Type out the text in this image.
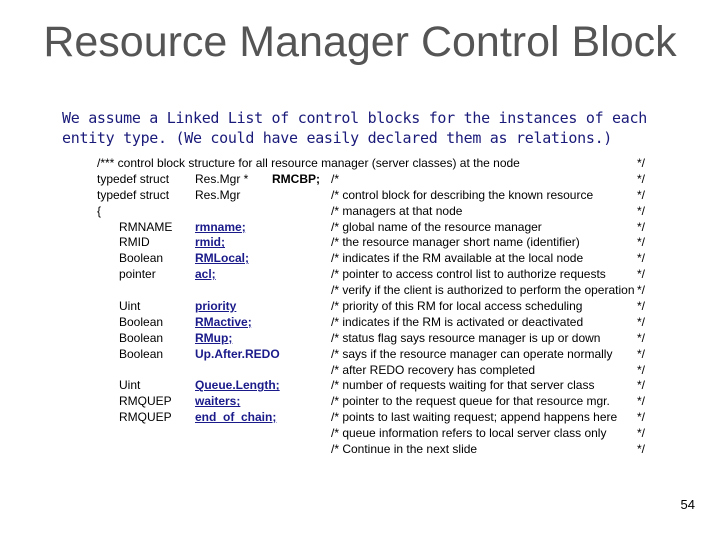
Resource Manager Control Block
We assume a Linked List of control blocks for the instances of each
entity type. (We could have easily declared them as relations.)
/*** control block structure for all resource manager (server classes) at the node	*/
typedef struct Res.Mgr * RMCBP; /*	*/
typedef struct Res.Mgr	/* control block for describing the known resource	*/
{	/* managers at that node	*/
RMNAME rmname;	/* global name of the resource manager	*/
RMID	rmid;	/* the resource manager short name (identifier)	*/
Boolean	RMLocal;	/* indicates if the RM available at the local node	*/
pointer	acl;	/* pointer to access control list to authorize requests	*/
/* verify if the client is authorized to perform the operation */
Uint	priority	/* priority of this RM for local access scheduling	*/
Boolean	RMactive;	/* indicates if the RM is activated or deactivated	*/
Boolean	RMup;	/* status flag says resource manager is up or down	*/
Boolean	Up.After.REDO	/* says if the resource manager can operate normally */
/* after REDO recovery has completed	*/
Uint	Queue.Length;	/* number of requests waiting for that server class	*/
RMQUEP waiters;	/* pointer to the request queue for that resource mgr. */
RMQUEP end_of_chain;	/* points to last waiting request; append happens here */
/* queue information refers to local server class only	*/
/* Continue in the next slide	*/
54
